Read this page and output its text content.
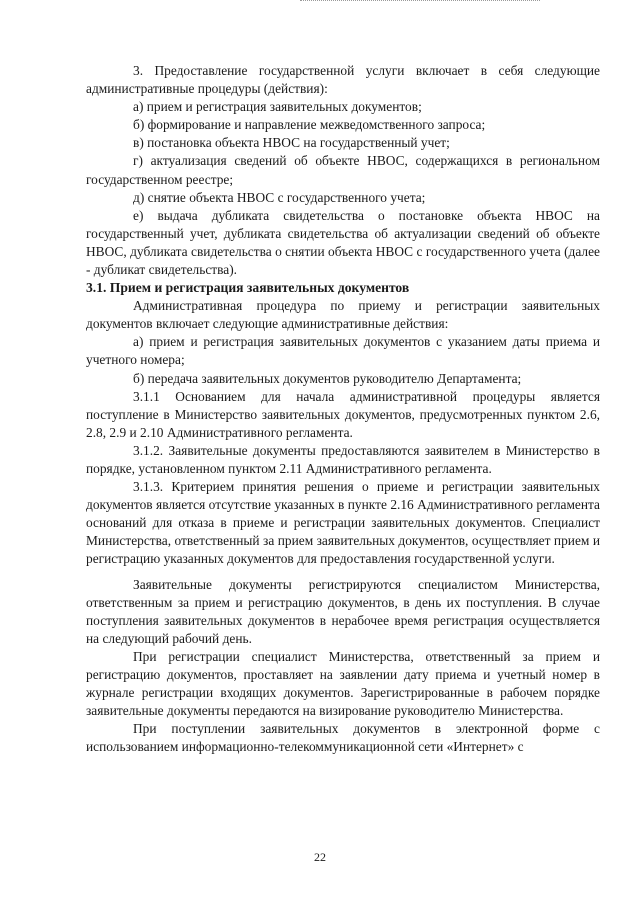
3. Предоставление государственной услуги включает в себя следующие административные процедуры (действия):

а) прием и регистрация заявительных документов;

б) формирование и направление межведомственного запроса;

в) постановка объекта НВОС на государственный учет;

г) актуализация сведений об объекте НВОС, содержащихся в региональном государственном реестре;

д) снятие объекта НВОС с государственного учета;

е) выдача дубликата свидетельства о постановке объекта НВОС на государственный учет, дубликата свидетельства об актуализации сведений об объекте НВОС, дубликата свидетельства о снятии объекта НВОС с государственного учета (далее - дубликат свидетельства).

3.1. Прием и регистрация заявительных документов

Административная процедура по приему и регистрации заявительных документов включает следующие административные действия:

а) прием и регистрация заявительных документов с указанием даты приема и учетного номера;

б) передача заявительных документов руководителю Департамента;

3.1.1 Основанием для начала административной процедуры является поступление в Министерство заявительных документов, предусмотренных пунктом 2.6, 2.8, 2.9 и 2.10 Административного регламента.

3.1.2. Заявительные документы предоставляются заявителем в Министерство в порядке, установленном пунктом 2.11 Административного регламента.

3.1.3. Критерием принятия решения о приеме и регистрации заявительных документов является отсутствие указанных в пункте 2.16 Административного регламента оснований для отказа в приеме и регистрации заявительных документов. Специалист Министерства, ответственный за прием заявительных документов, осуществляет прием и регистрацию указанных документов для предоставления государственной услуги.

Заявительные документы регистрируются специалистом Министерства, ответственным за прием и регистрацию документов, в день их поступления. В случае поступления заявительных документов в нерабочее время регистрация осуществляется на следующий рабочий день.

При регистрации специалист Министерства, ответственный за прием и регистрацию документов, проставляет на заявлении дату приема и учетный номер в журнале регистрации входящих документов. Зарегистрированные в рабочем порядке заявительные документы передаются на визирование руководителю Министерства.

При поступлении заявительных документов в электронной форме с использованием информационно-телекоммуникационной сети «Интернет» с

22
